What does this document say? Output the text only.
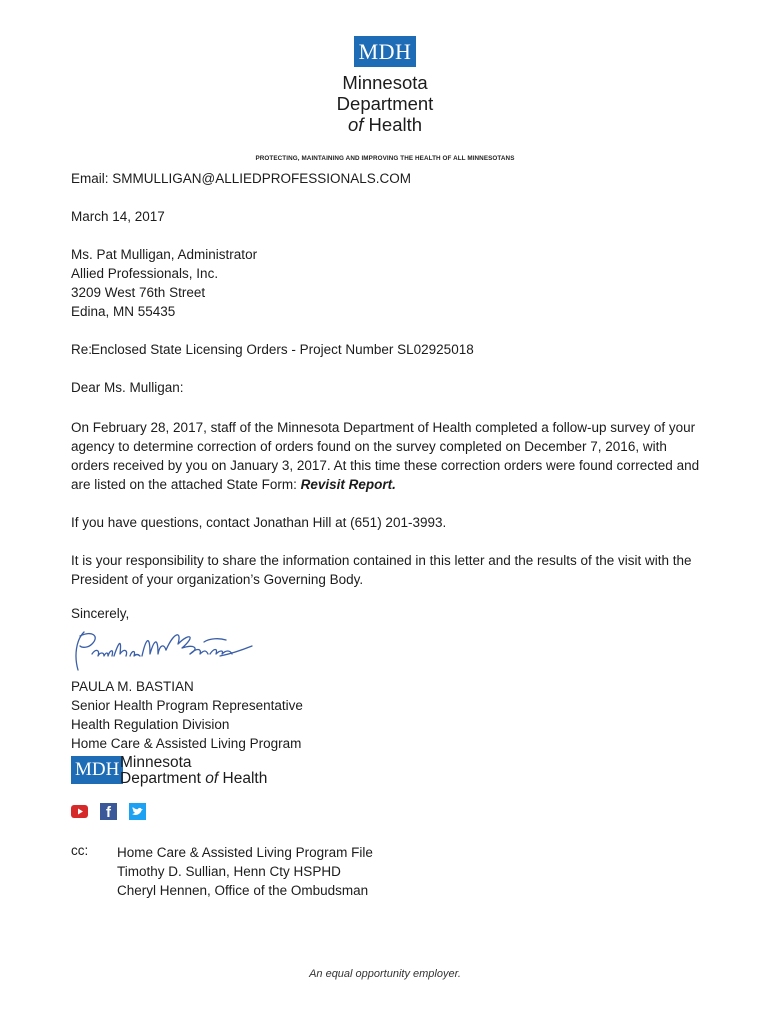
MDH
Minnesota
Department
of Health
PROTECTING, MAINTAINING AND IMPROVING THE HEALTH OF ALL MINNESOTANS
Email: SMMULLIGAN@ALLIEDPROFESSIONALS.COM
March 14, 2017
Ms. Pat Mulligan, Administrator
Allied Professionals, Inc.
3209 West 76th Street
Edina, MN 55435
Re:
Enclosed State Licensing Orders - Project Number SL02925018
Dear Ms. Mulligan:
On February 28, 2017, staff of the Minnesota Department of Health completed a follow-up survey of your agency to determine correction of orders found on the survey completed on December 7, 2016, with orders received by you on January 3, 2017. At this time these correction orders were found corrected and are listed on the attached State Form: Revisit Report.
If you have questions, contact Jonathan Hill at (651) 201-3993.
It is your responsibility to share the information contained in this letter and the results of the visit with the President of your organization’s Governing Body.
Sincerely,
PAULA M. BASTIAN
Senior Health Program Representative
Health Regulation Division
Home Care & Assisted Living Program
MDH Minnesota
Department of Health
f
cc: Home Care & Assisted Living Program File
Timothy D. Sullian, Henn Cty HSPHD
Cheryl Hennen, Office of the Ombudsman
An equal opportunity employer.
